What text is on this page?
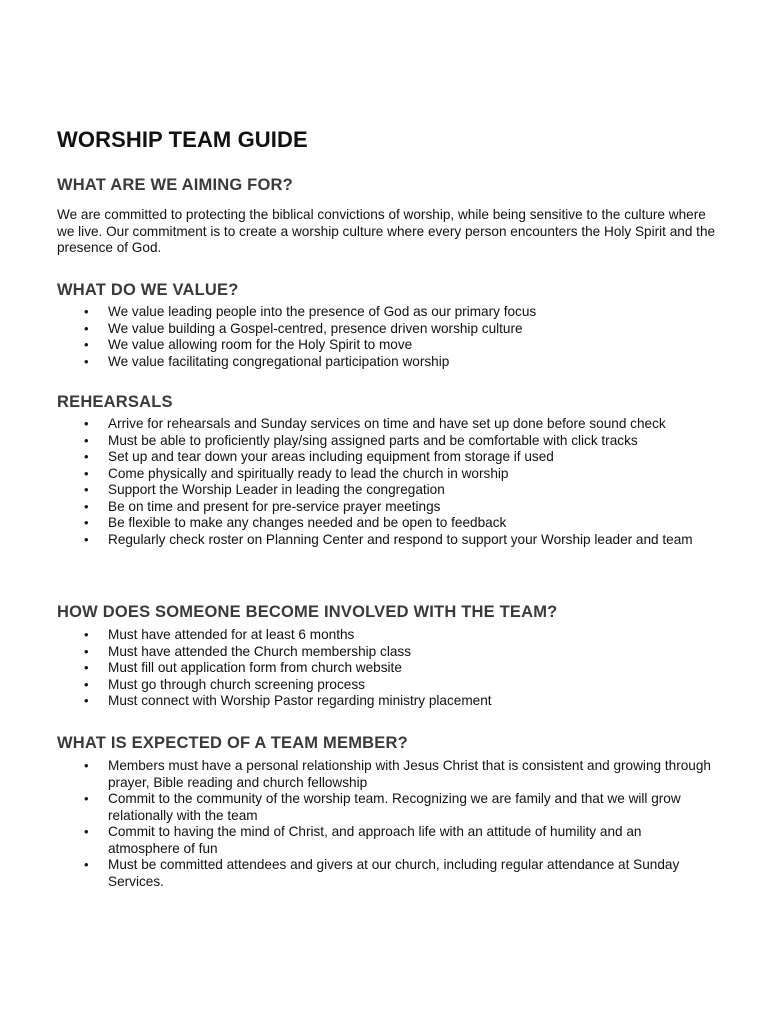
WORSHIP TEAM GUIDE
WHAT ARE WE AIMING FOR?

We are committed to protecting the biblical convictions of worship, while being sensitive to the culture where we live. Our commitment is to create a worship culture where every person encounters the Holy Spirit and the presence of God.

WHAT DO WE VALUE?
• We value leading people into the presence of God as our primary focus
• We value building a Gospel-centred, presence driven worship culture
• We value allowing room for the Holy Spirit to move
• We value facilitating congregational participation worship
REHEARSALS
• Arrive for rehearsals and Sunday services on time and have set up done before sound check
• Must be able to proficiently play/sing assigned parts and be comfortable with click tracks
• Set up and tear down your areas including equipment from storage if used
• Come physically and spiritually ready to lead the church in worship
• Support the Worship Leader in leading the congregation
• Be on time and present for pre-service prayer meetings
• Be flexible to make any changes needed and be open to feedback
• Regularly check roster on Planning Center and respond to support your Worship leader and team
HOW DOES SOMEONE BECOME INVOLVED WITH THE TEAM?
• Must have attended for at least 6 months
• Must have attended the Church membership class
• Must fill out application form from church website
• Must go through church screening process
• Must connect with Worship Pastor regarding ministry placement
WHAT IS EXPECTED OF A TEAM MEMBER?
• Members must have a personal relationship with Jesus Christ that is consistent and growing through prayer, Bible reading and church fellowship
• Commit to the community of the worship team. Recognizing we are family and that we will grow relationally with the team
• Commit to having the mind of Christ, and approach life with an attitude of humility and an atmosphere of fun
• Must be committed attendees and givers at our church, including regular attendance at Sunday Services.
